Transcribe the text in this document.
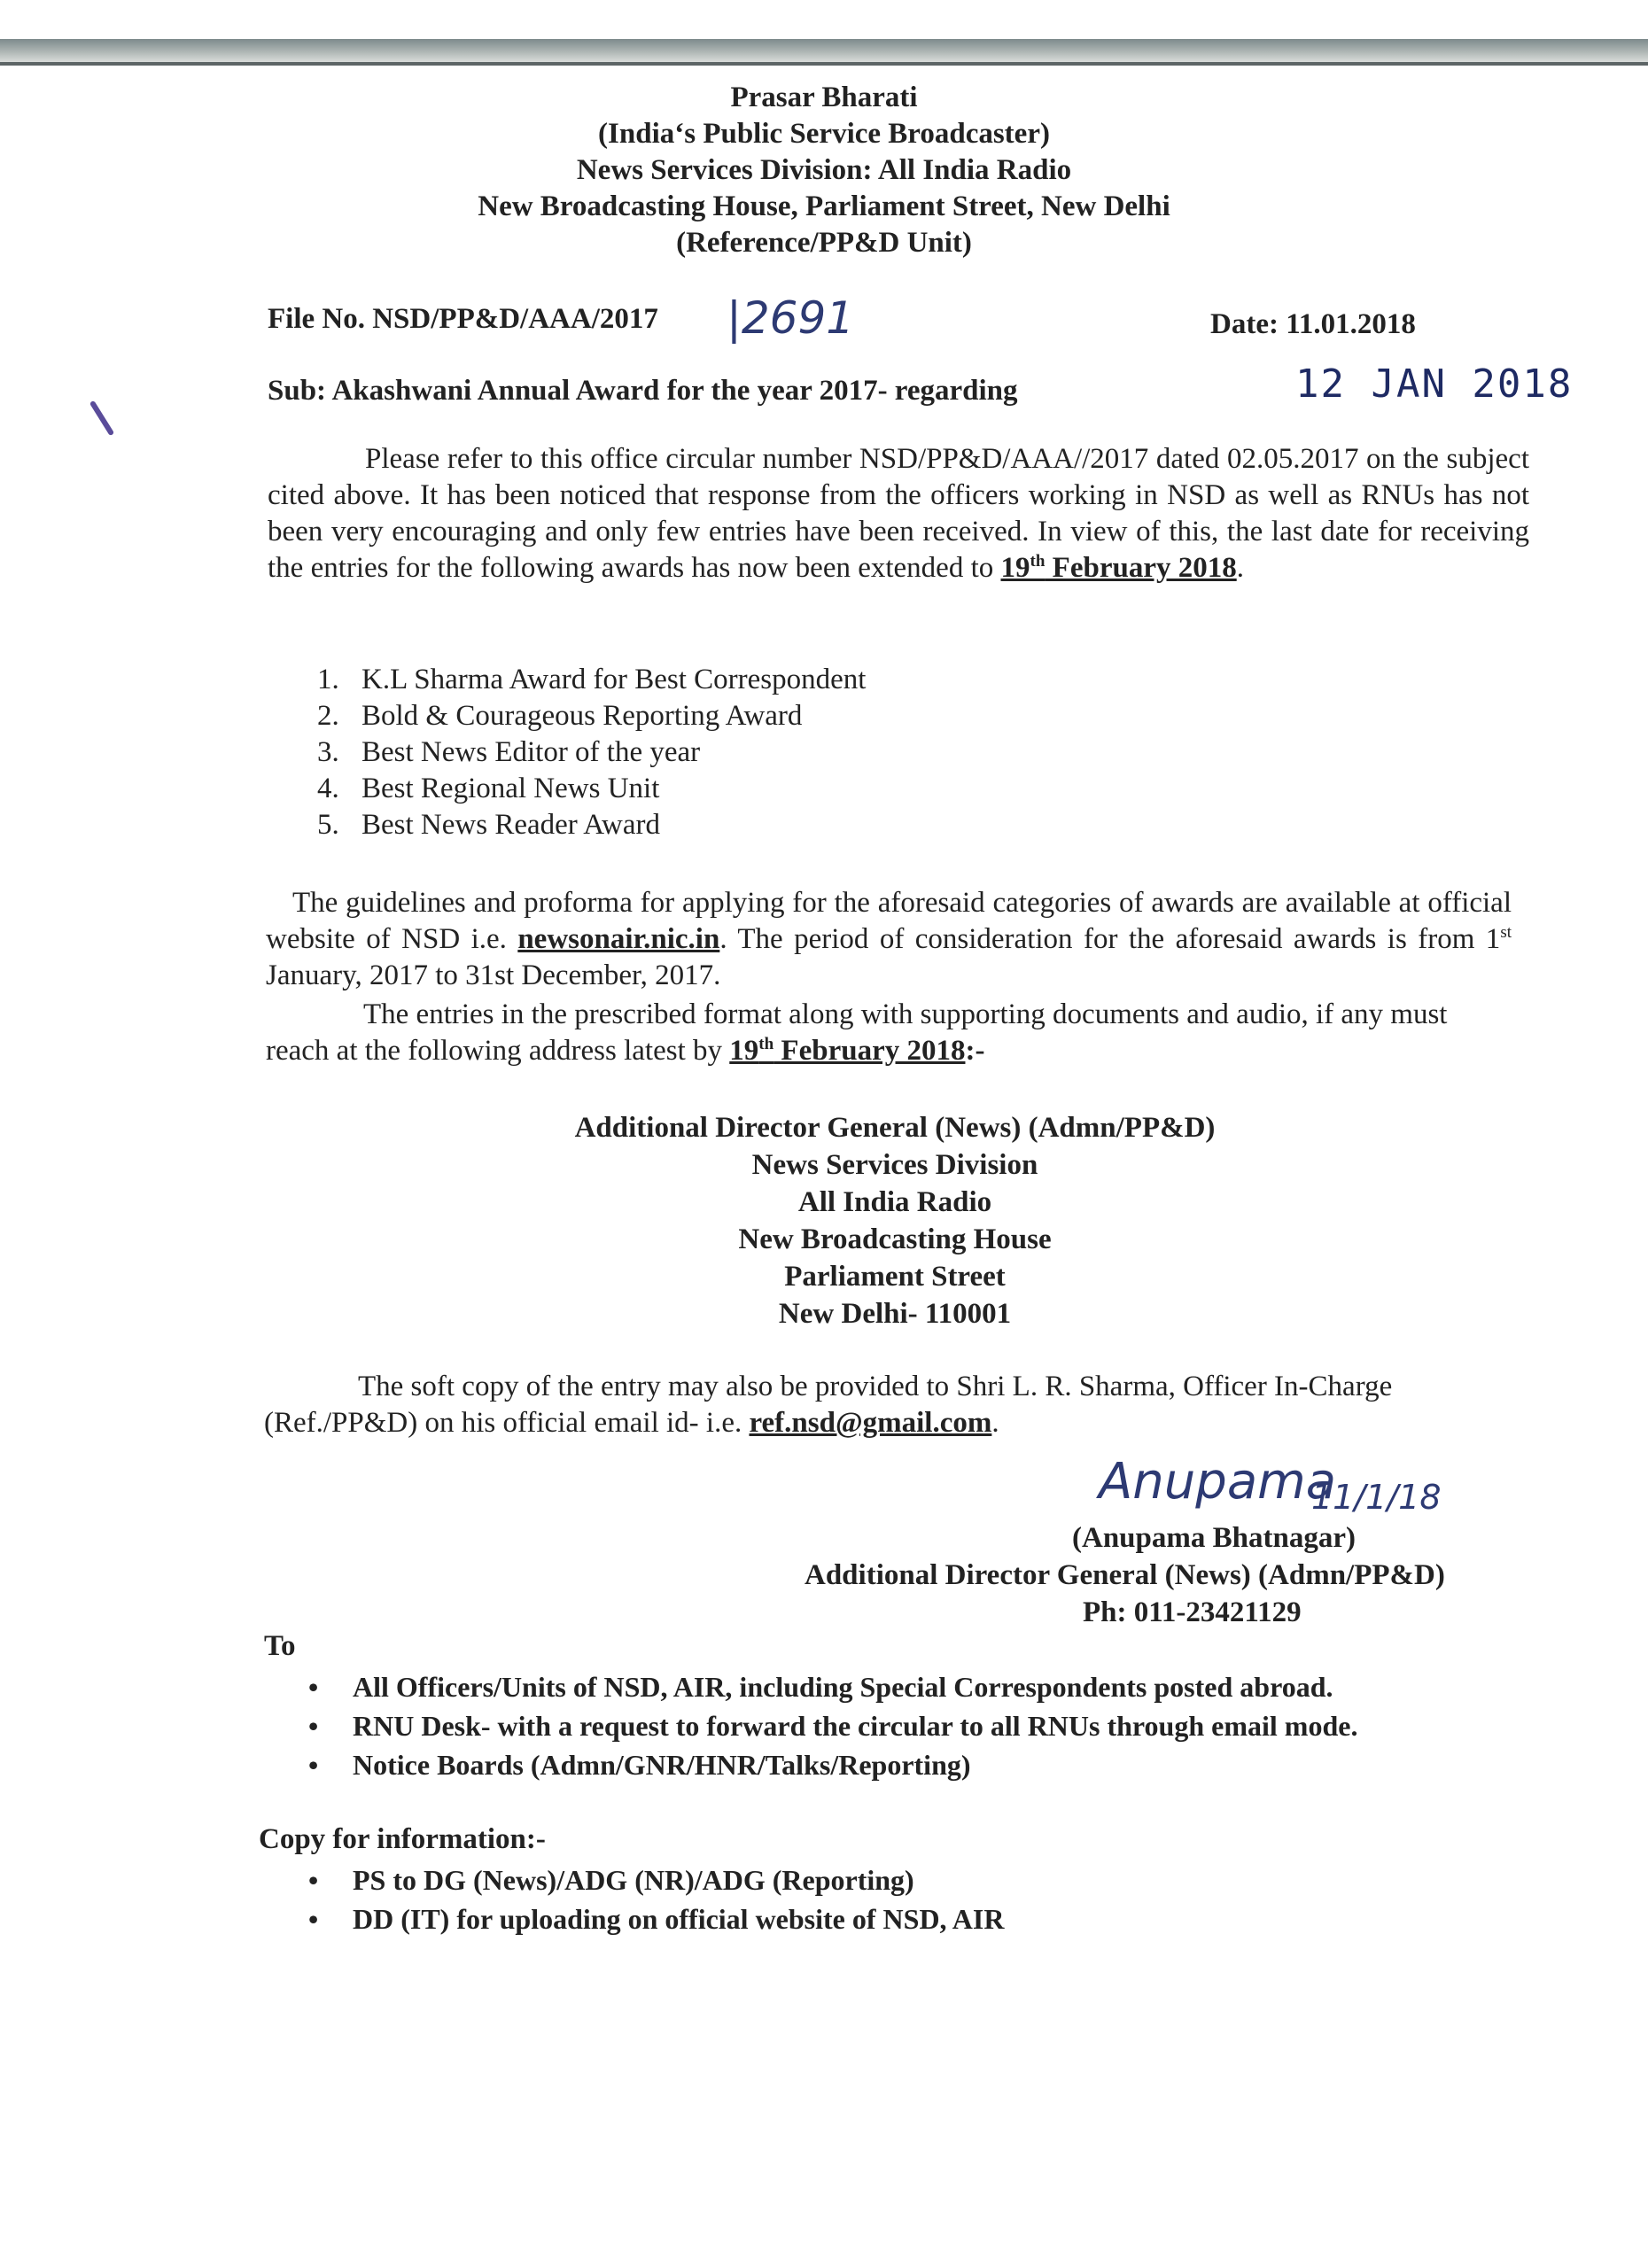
Prasar Bharati
(India‘s Public Service Broadcaster)
News Services Division: All India Radio
New Broadcasting House, Parliament Street, New Delhi
(Reference/PP&D Unit)
File No. NSD/PP&D/AAA/2017 |2691	Date: 11.01.2018
12 JAN 2018
Sub: Akashwani Annual Award for the year 2017- regarding
Please refer to this office circular number NSD/PP&D/AAA//2017 dated 02.05.2017 on the subject cited above. It has been noticed that response from the officers working in NSD as well as RNUs has not been very encouraging and only few entries have been received. In view of this, the last date for receiving the entries for the following awards has now been extended to 19th February 2018.
1. K.L Sharma Award for Best Correspondent
2. Bold & Courageous Reporting Award
3. Best News Editor of the year
4. Best Regional News Unit
5. Best News Reader Award
The guidelines and proforma for applying for the aforesaid categories of awards are available at official website of NSD i.e. newsonair.nic.in. The period of consideration for the aforesaid awards is from 1st January, 2017 to 31st December, 2017.
The entries in the prescribed format along with supporting documents and audio, if any must reach at the following address latest by 19th February 2018:-
Additional Director General (News) (Admn/PP&D)
News Services Division
All India Radio
New Broadcasting House
Parliament Street
New Delhi- 110001
The soft copy of the entry may also be provided to Shri L. R. Sharma, Officer In-Charge (Ref./PP&D) on his official email id- i.e. ref.nsd@gmail.com.
Anupama
11/1/18
(Anupama Bhatnagar)
Additional Director General (News) (Admn/PP&D)
Ph: 011-23421129
To
• All Officers/Units of NSD, AIR, including Special Correspondents posted abroad.
• RNU Desk- with a request to forward the circular to all RNUs through email mode.
• Notice Boards (Admn/GNR/HNR/Talks/Reporting)
Copy for information:-
• PS to DG (News)/ADG (NR)/ADG (Reporting)
• DD (IT) for uploading on official website of NSD, AIR
